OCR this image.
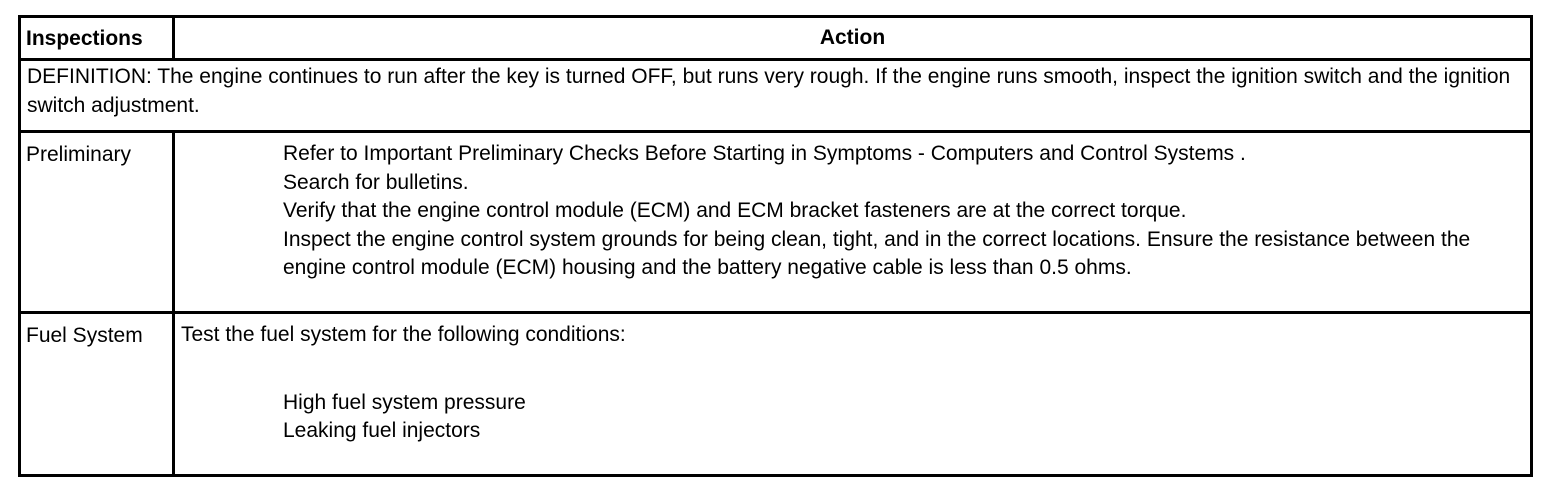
Inspections	Action
DEFINITION: The engine continues to run after the key is turned OFF, but runs very rough. If the engine runs smooth, inspect the ignition switch and the ignition switch adjustment.	
Preliminary	Refer to Important Preliminary Checks Before Starting in Symptoms - Computers and Control Systems .
Search for bulletins.
Verify that the engine control module (ECM) and ECM bracket fasteners are at the correct torque.
Inspect the engine control system grounds for being clean, tight, and in the correct locations. Ensure the resistance between the engine control module (ECM) housing and the battery negative cable is less than 0.5 ohms.

Fuel System	Test the fuel system for the following conditions:
High fuel system pressure
Leaking fuel injectors
